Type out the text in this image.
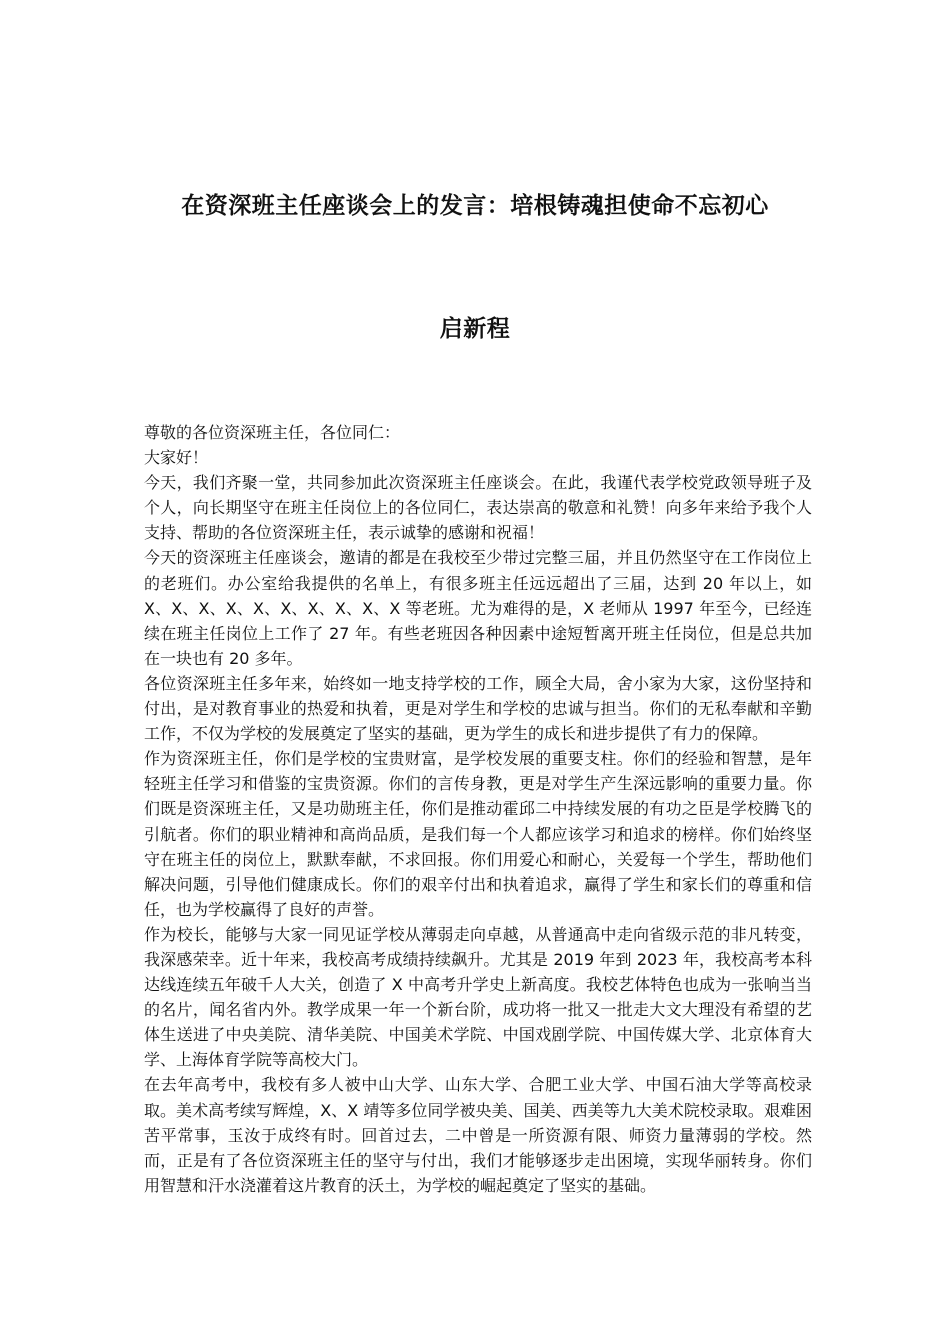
在资深班主任座谈会上的发言：培根铸魂担使命不忘初心
启新程

尊敬的各位资深班主任，各位同仁：

大家好！

今天，我们齐聚一堂，共同参加此次资深班主任座谈会。在此，我谨代表学校党政领导班子及个人，向长期坚守在班主任岗位上的各位同仁，表达崇高的敬意和礼赞！向多年来给予我个人支持、帮助的各位资深班主任，表示诚挚的感谢和祝福！

今天的资深班主任座谈会，邀请的都是在我校至少带过完整三届，并且仍然坚守在工作岗位上的老班们。办公室给我提供的名单上，有很多班主任远远超出了三届，达到 20 年以上，如 X、X、X、X、X、X、X、X、X、X 等老班。尤为难得的是，X 老师从 1997 年至今，已经连续在班主任岗位上工作了 27 年。有些老班因各种因素中途短暂离开班主任岗位，但是总共加在一块也有 20 多年。

各位资深班主任多年来，始终如一地支持学校的工作，顾全大局，舍小家为大家，这份坚持和付出，是对教育事业的热爱和执着，更是对学生和学校的忠诚与担当。你们的无私奉献和辛勤工作，不仅为学校的发展奠定了坚实的基础，更为学生的成长和进步提供了有力的保障。

作为资深班主任，你们是学校的宝贵财富，是学校发展的重要支柱。你们的经验和智慧，是年轻班主任学习和借鉴的宝贵资源。你们的言传身教，更是对学生产生深远影响的重要力量。你们既是资深班主任，又是功勋班主任，你们是推动霍邱二中持续发展的有功之臣是学校腾飞的引航者。你们的职业精神和高尚品质，是我们每一个人都应该学习和追求的榜样。你们始终坚守在班主任的岗位上，默默奉献，不求回报。你们用爱心和耐心，关爱每一个学生，帮助他们解决问题，引导他们健康成长。你们的艰辛付出和执着追求，赢得了学生和家长们的尊重和信任，也为学校赢得了良好的声誉。

作为校长，能够与大家一同见证学校从薄弱走向卓越，从普通高中走向省级示范的非凡转变，我深感荣幸。近十年来，我校高考成绩持续飙升。尤其是 2019 年到 2023 年，我校高考本科达线连续五年破千人大关，创造了 X 中高考升学史上新高度。我校艺体特色也成为一张响当当的名片，闻名省内外。教学成果一年一个新台阶，成功将一批又一批走大文大理没有希望的艺体生送进了中央美院、清华美院、中国美术学院、中国戏剧学院、中国传媒大学、北京体育大学、上海体育学院等高校大门。

在去年高考中，我校有多人被中山大学、山东大学、合肥工业大学、中国石油大学等高校录取。美术高考续写辉煌，X、X 靖等多位同学被央美、国美、西美等九大美术院校录取。艰难困苦平常事，玉汝于成终有时。回首过去，二中曾是一所资源有限、师资力量薄弱的学校。然而，正是有了各位资深班主任的坚守与付出，我们才能够逐步走出困境，实现华丽转身。你们用智慧和汗水浇灌着这片教育的沃土，为学校的崛起奠定了坚实的基础。
